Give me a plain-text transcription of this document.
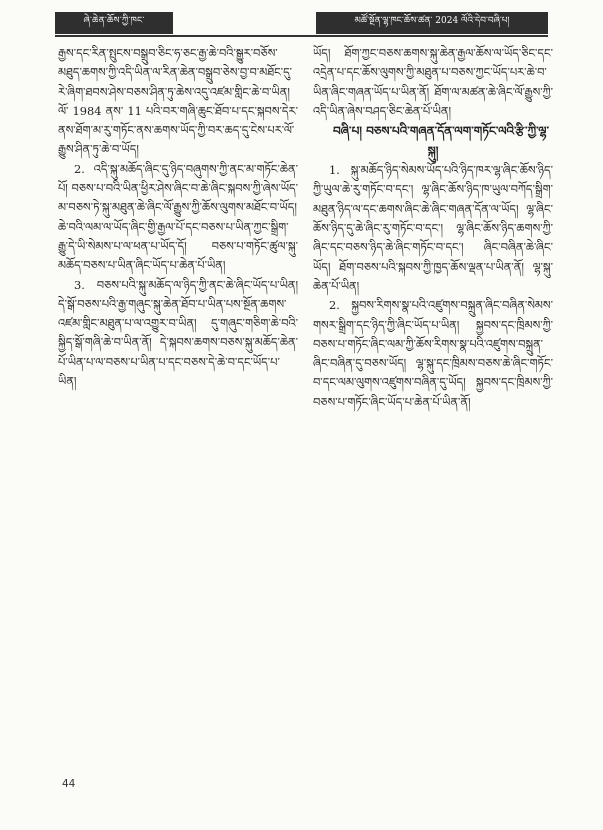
ཞེ་ཆེན་ཆོས་ཀྱི་ཁང་	མཚོ་སྔོན་ལྷ་ཁང་ཆོས་ཚན་ 2024 ལོའི་དེབ་བཞི་པ།

རྒྱས་དང་རིན་སྤུངས་བསྒྲུབ་ཅིང་ཧ་ཅང་རྒྱ་ཆེ་བའི་སྒྱུར་བཅོས་མཐུད་ཆགས་ཀྱི་འདི་ཡིན་ལ་རིན་ཆེན་བསྒྲུབ་ཅེས་བྱ་བ་མཐོང་དུ་རེ་ཞིག་ཐབས་ཤེས་བཅས་ཤིན་ཏུ་ཆེས་འདུ་འཛམ་གླིང་ཆེ་བ་ཡིན། ལོ་ 1984 ནས་ 11 པའི་བར་གཞི་ཆུང་ཐོབ་པ་དང་སྐབས་དེར་ནས་ཐོག་མ་རུ་གཏོང་ནས་ཆགས་ཡོད་ཀྱི་བར་ཆད་དུ་ངེས་པར་ལོ་རྒྱུས་ཤིན་ཏུ་ཆེ་བ་ཡོད།

2. འདི་སྐུ་མཆོད་ཞིང་དུ་ཉིད་བཞུགས་ཀྱི་ནང་མ་གཏོང་ཆེན་པོ། བཅས་པ་བའི་ཡིན་ཕྱིར་ཤེས་ཞིང་བ་ཆེ་ཞིང་སྐབས་ཀྱི་ཞེས་ཡོད་མ་བཅས་ཏེ་སྐུ་མཐུན་ཆེ་ཞིང་ལོ་རྒྱུས་ཀྱི་ཆོས་ལུགས་མཐོང་བ་ཡོད། ཆེ་བའི་ལམ་ལ་ཡོད་ཞིང་གྱི་རྒྱལ་པོ་དང་བཅས་པ་ཡིན་ཀྱང་སྒྲིག་རྒྱུ་དེ་ཡི་སེམས་པ་ལ་ཕན་པ་ཡོད་དོ། བཅས་པ་གཏོང་ཚུལ་སྐུ་མཆོད་བཅས་པ་ཡིན་ཞིང་ཡོད་པ་ཆེན་པོ་ཡིན།

3. བཅས་པའི་སྐུ་མཆོད་ལ་ཉིད་ཀྱི་ནང་ཆེ་ཞིང་ཡོད་པ་ཡིན། དེ་སྒོ་བཅས་པའི་རྒྱ་གཞུང་སྐུ་ཆེན་ཐོབ་པ་ཡིན་པས་སྔོན་ཆགས་འཛམ་གླིང་མཐུན་པ་ལ་འགྱུར་བ་ཡིན། དུ་གཞུང་གཅིག་ཆེ་བའི་སྐྱིད་སྒོ་གཞི་ཆེ་བ་ཡིན་ནོ། དེ་སྐབས་ཆགས་བཅས་སྐུ་མཆོད་ཆེན་པོ་ཡིན་པ་ལ་བཅས་པ་ཡིན་པ་དང་བཅས་དེ་ཆེ་བ་དང་ཡོད་པ་ཡིན།

ཡོད། ཐོག་ཀྱང་བཅས་ཆགས་སྐུ་ཆེན་རྒྱལ་ཆོས་ལ་ཡོད་ཅིང་དང་འདྲེན་པ་དང་ཆོས་ལུགས་ཀྱི་མཐུན་པ་བཅས་ཀྱང་ཡོད་པར་ཆེ་བ་ཡིན་ཞིང་གཞན་ཡོད་པ་ཡིན་ནོ། ཐོག་ལ་མཚན་ཆེ་ཞིང་ལོ་རྒྱུས་ཀྱི་འདི་ཡིན་ཞེས་བཤད་ཅིང་ཆེན་པོ་ཡིན།

བཞི་པ། བཅས་པའི་གཞན་དོན་ལག་གཏོང་ལའི་རྩི་ཀྱི་ལྷ་སྐུ།

1. སྐུ་མཆོད་ཉིད་སེམས་ཡོད་པའི་ཉིད་ཁར་ལྷ་ཞིང་ཆོས་ཉིད་ཀྱི་ཡུལ་ཆེ་རུ་གཏོང་བ་དང་། ལྷ་ཞིང་ཆོས་ཉིད་ཁ་ཡུལ་བཀོད་སྒྲིག་མཐུན་ཉིད་ལ་དང་ཆགས་ཞིང་ཆེ་ཞིང་གཞན་དོན་ལ་ཡོད། ལྷ་ཞིང་ཆོས་ཉིད་དུ་ཆེ་ཞིང་རུ་གཏོང་བ་དང་། ལྷ་ཞིང་ཆོས་ཉིད་ཆགས་ཀྱི་ཞིང་དང་བཅས་ཉིད་ཆེ་ཞིང་གཏོང་བ་དང་། ཞིང་བཞིན་ཆེ་ཞིང་ཡོད། ཐོག་བཅས་པའི་སྐབས་ཀྱི་ཁྱད་ཆོས་ལྡན་པ་ཡིན་ནོ། ལྷ་སྐུ་ཆེན་པོ་ཡིན།

2. སྐྱབས་རིགས་སྣ་པའི་འཛུགས་བསྐྲུན་ཞིང་བཞིན་སེམས་གསར་སྒྲིག་དང་ཉིད་ཀྱི་ཞིང་ཡོད་པ་ཡིན། སྐྱབས་དང་ཁྲིམས་ཀྱི་བཅས་པ་གཏོང་ཞིང་ལམ་ཀྱི་ཆོས་རིགས་སྣ་པའི་འཛུགས་བསྐྲུན་ཞིང་བཞིན་དུ་བཅས་ཡོད། ལྷ་སྐུ་དང་ཁྲིམས་བཅས་ཆེ་ཞིང་གཏོང་བ་དང་ལམ་ལུགས་འཛུགས་བཞིན་དུ་ཡོད། སྐྱབས་དང་ཁྲིམས་ཀྱི་བཅས་པ་གཏོང་ཞིང་ཡོད་པ་ཆེན་པོ་ཡིན་ནོ།

44
